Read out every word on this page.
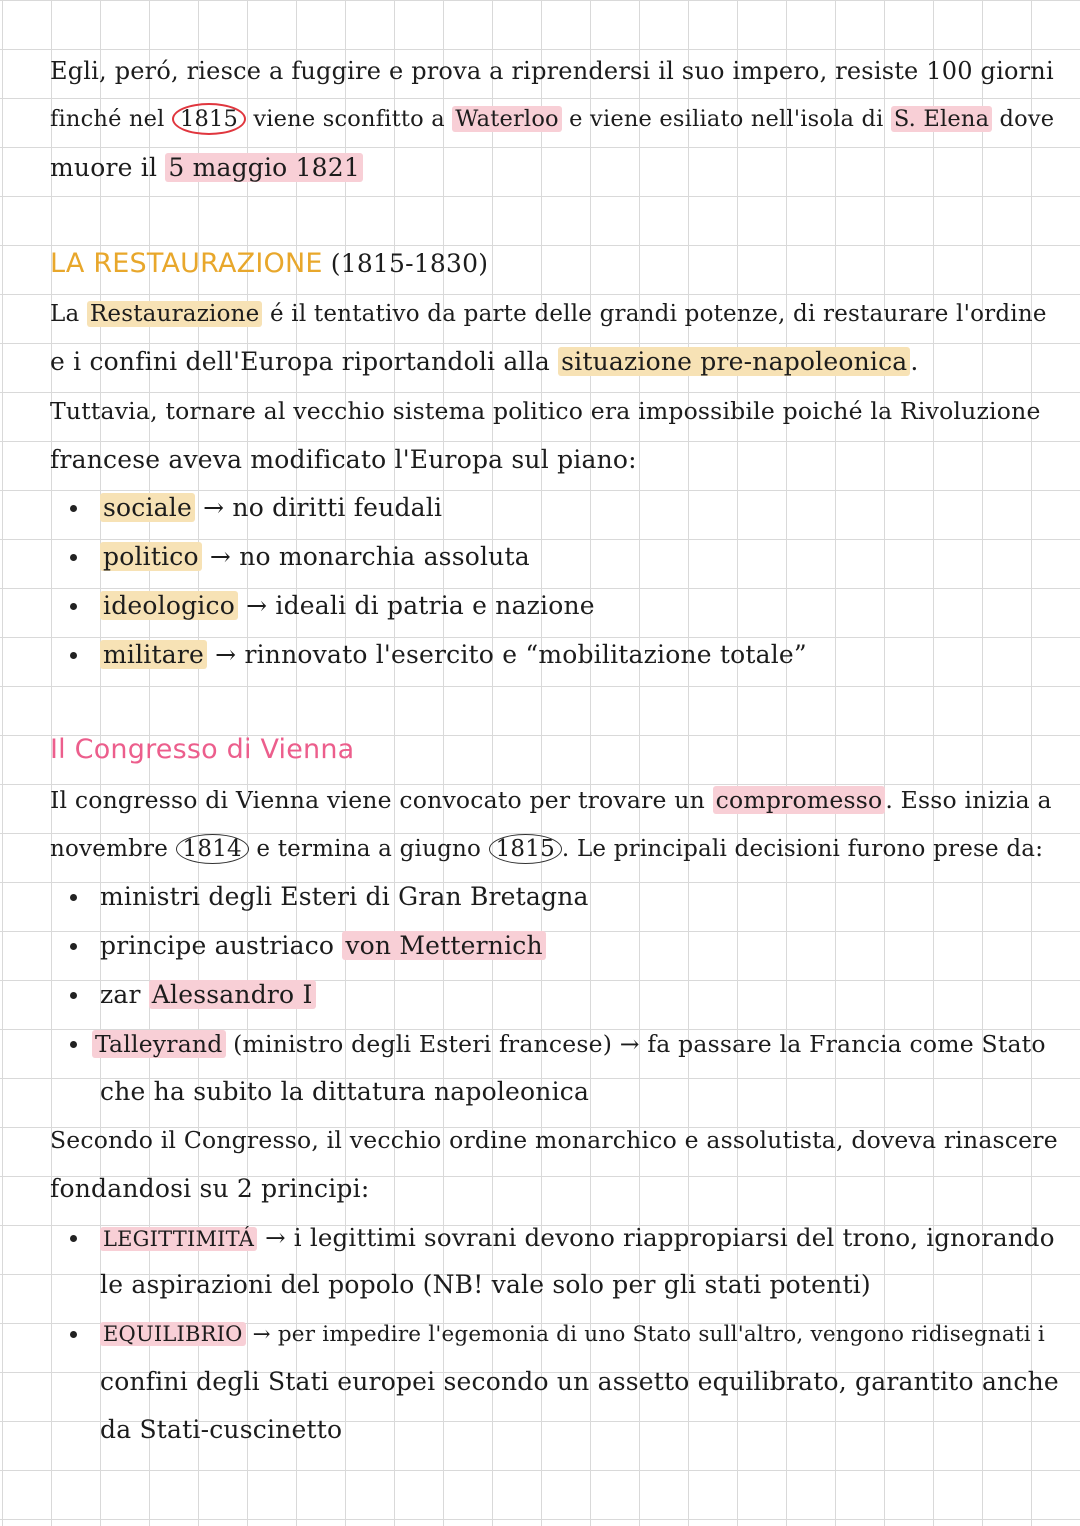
Egli, peró, riesce a fuggire e prova a riprendersi il suo impero, resiste 100 giorni
finché nel 1815 viene sconfitto a Waterloo e viene esiliato nell'isola di S. Elena dove
muore il 5 maggio 1821
LA RESTAURAZIONE (1815-1830)
La Restaurazione é il tentativo da parte delle grandi potenze, di restaurare l'ordine
e i confini dell'Europa riportandoli alla situazione pre-napoleonica .
Tuttavia, tornare al vecchio sistema politico era impossibile poiché la Rivoluzione
francese aveva modificato l'Europa sul piano:
sociale → no diritti feudali
politico → no monarchia assoluta
ideologico → ideali di patria e nazione
militare → rinnovato l'esercito e “mobilitazione totale”
Il Congresso di Vienna
Il congresso di Vienna viene convocato per trovare un compromesso . Esso inizia a
novembre 1814 e termina a giugno 1815 . Le principali decisioni furono prese da:
ministri degli Esteri di Gran Bretagna
principe austriaco von Metternich
zar Alessandro I
Talleyrand (ministro degli Esteri francese) → fa passare la Francia come Stato
che ha subito la dittatura napoleonica
Secondo il Congresso, il vecchio ordine monarchico e assolutista, doveva rinascere
fondandosi su 2 principi:
LEGITTIMITÁ → i legittimi sovrani devono riappropiarsi del trono, ignorando
le aspirazioni del popolo (NB! vale solo per gli stati potenti)
EQUILIBRIO → per impedire l'egemonia di uno Stato sull'altro, vengono ridisegnati i
confini degli Stati europei secondo un assetto equilibrato, garantito anche
da Stati-cuscinetto
